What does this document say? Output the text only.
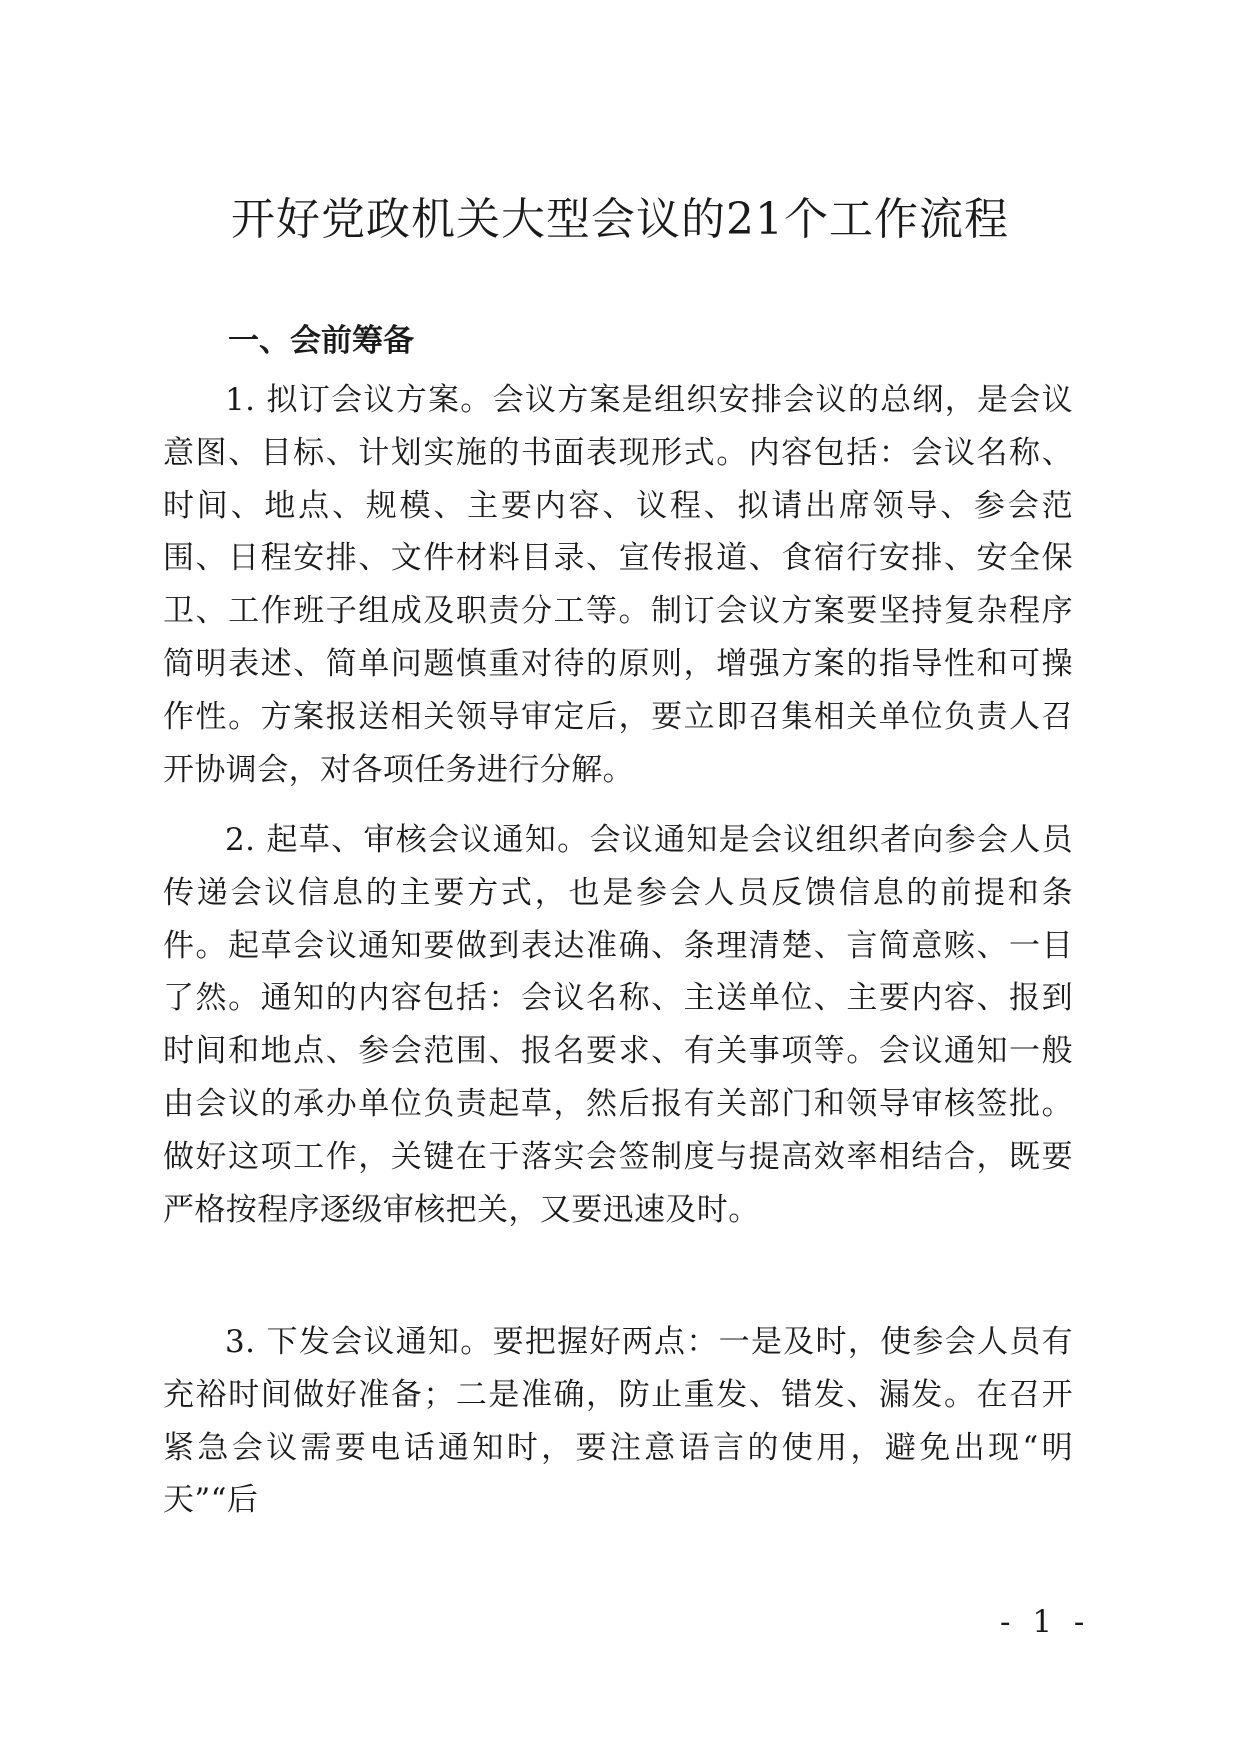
开好党政机关大型会议的21个工作流程
一、会前筹备

1. 拟订会议方案。会议方案是组织安排会议的总纲，是会议意图、目标、计划实施的书面表现形式。内容包括：会议名称、时间、地点、规模、主要内容、议程、拟请出席领导、参会范围、日程安排、文件材料目录、宣传报道、食宿行安排、安全保卫、工作班子组成及职责分工等。制订会议方案要坚持复杂程序简明表述、简单问题慎重对待的原则，增强方案的指导性和可操作性。方案报送相关领导审定后，要立即召集相关单位负责人召开协调会，对各项任务进行分解。

2. 起草、审核会议通知。会议通知是会议组织者向参会人员传递会议信息的主要方式，也是参会人员反馈信息的前提和条件。起草会议通知要做到表达准确、条理清楚、言简意赅、一目了然。通知的内容包括：会议名称、主送单位、主要内容、报到时间和地点、参会范围、报名要求、有关事项等。会议通知一般由会议的承办单位负责起草，然后报有关部门和领导审核签批。做好这项工作，关键在于落实会签制度与提高效率相结合，既要严格按程序逐级审核把关，又要迅速及时。

3. 下发会议通知。要把握好两点：一是及时，使参会人员有充裕时间做好准备；二是准确，防止重发、错发、漏发。在召开紧急会议需要电话通知时，要注意语言的使用，避免出现“明天”“后

- 1 -
